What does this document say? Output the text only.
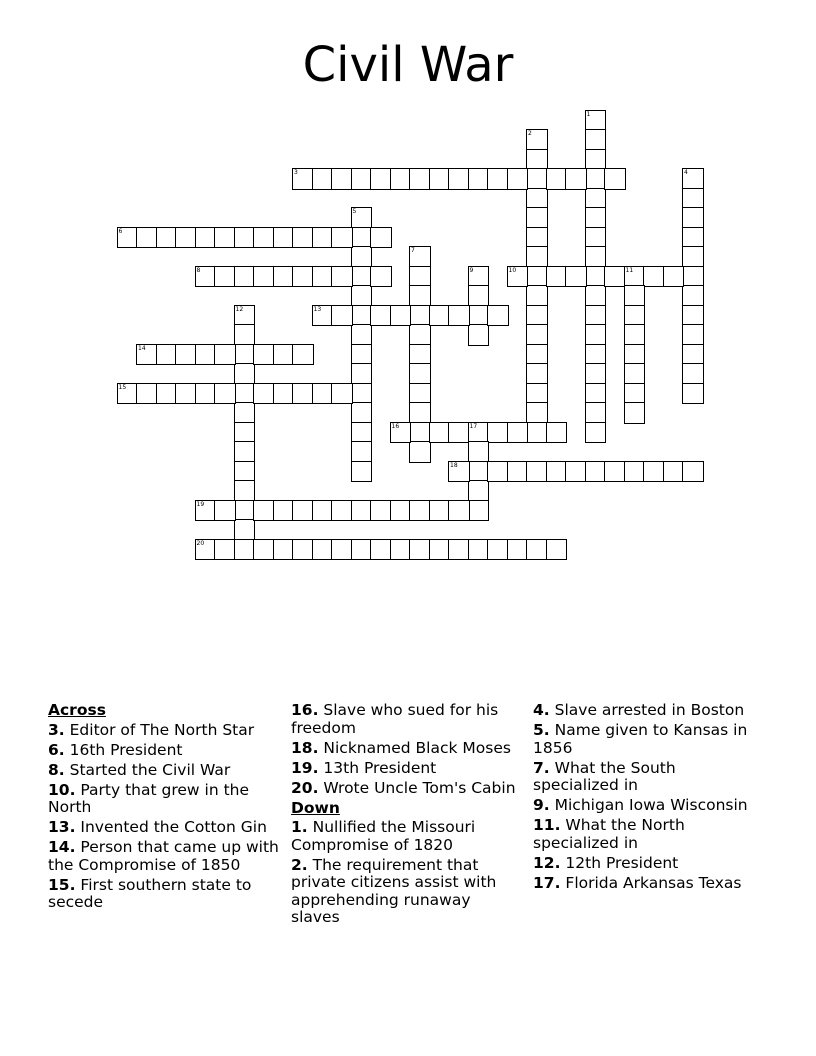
Civil War
1
2
3	4
5
6
7
8	9	10	11
12	13
14
15
16	17
18
19
20
Across
3. Editor of The North Star
6. 16th President
8. Started the Civil War
10. Party that grew in the North
13. Invented the Cotton Gin
14. Person that came up with the Compromise of 1850
15. First southern state to secede
16. Slave who sued for his freedom
18. Nicknamed Black Moses
19. 13th President
20. Wrote Uncle Tom's Cabin
Down
1. Nullified the Missouri Compromise of 1820
2. The requirement that private citizens assist with apprehending runaway slaves
4. Slave arrested in Boston
5. Name given to Kansas in 1856
7. What the South specialized in
9. Michigan Iowa Wisconsin
11. What the North specialized in
12. 12th President
17. Florida Arkansas Texas
